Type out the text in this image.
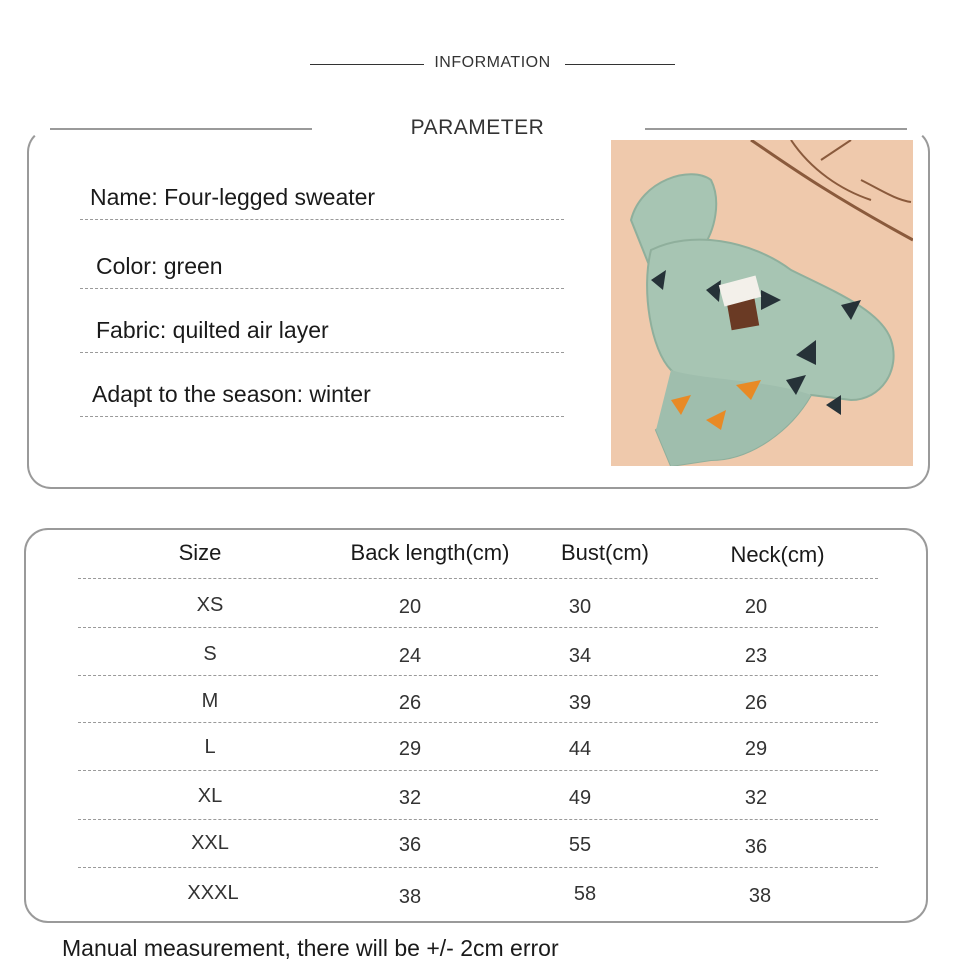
INFORMATION
PARAMETER
Name: Four-legged sweater
Color: green
Fabric: quilted air layer
Adapt to the season: winter
Size	Back length(cm)	Bust(cm)	Neck(cm)
XS	20	30	20
S	24	34	23
M	26	39	26
L	29	44	29
XL	32	49	32
XXL	36	55	36
XXXL	38	58	38
Manual measurement, there will be +/- 2cm error
